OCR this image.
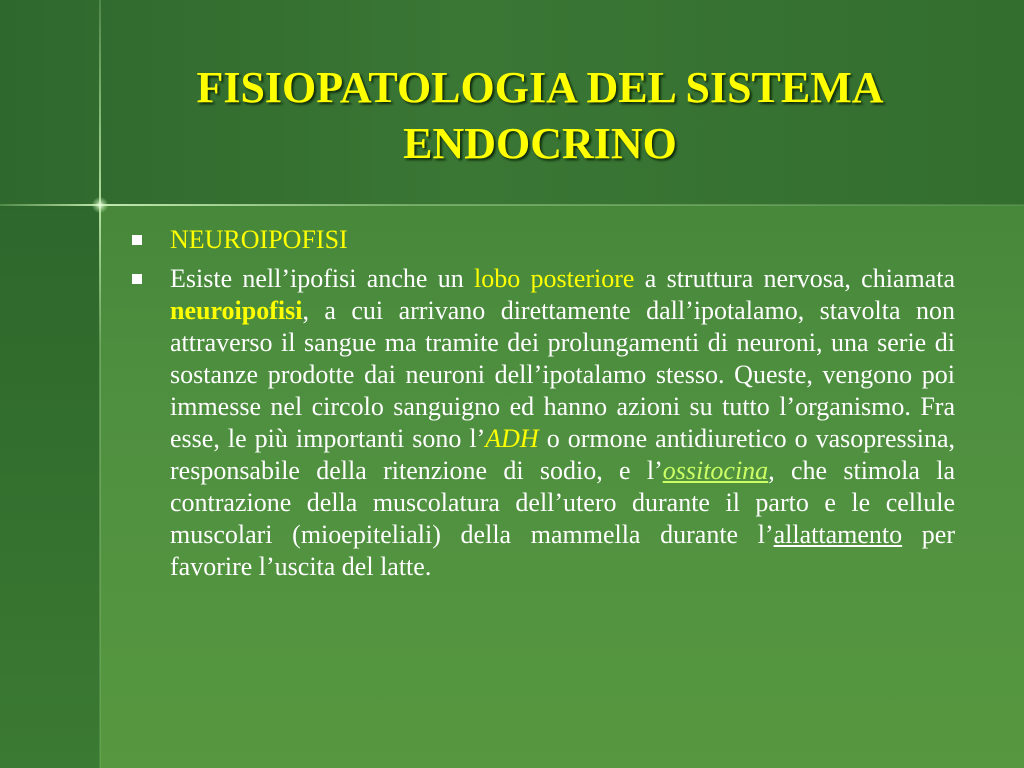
FISIOPATOLOGIA DEL SISTEMA
ENDOCRINO
NEUROIPOFISI
Esiste nell’ipofisi anche un lobo posteriore a struttura nervosa, chiamata neuroipofisi, a cui arrivano direttamente dall’ipotalamo, stavolta non attraverso il sangue ma tramite dei prolungamenti di neuroni, una serie di sostanze prodotte dai neuroni dell’ipotalamo stesso. Queste, vengono poi immesse nel circolo sanguigno ed hanno azioni su tutto l’organismo. Fra esse, le più importanti sono l’ADH o ormone antidiuretico o vasopressina, responsabile della ritenzione di sodio, e l’ossitocina, che stimola la contrazione della muscolatura dell’utero durante il parto e le cellule muscolari (mioepiteliali) della mammella durante l’allattamento per favorire l’uscita del latte.
